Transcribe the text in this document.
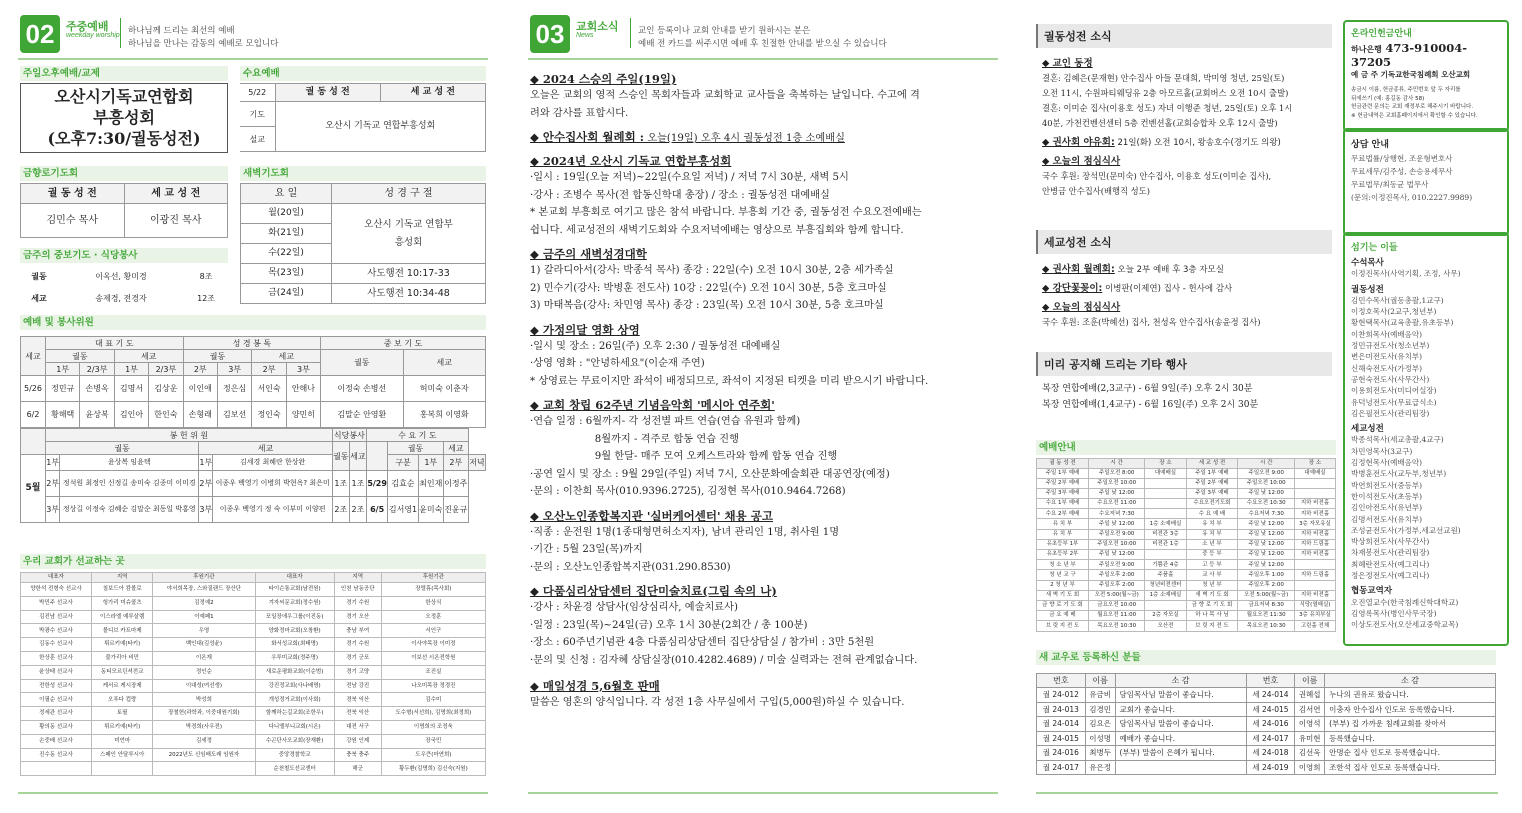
02	주중예배
weekday worship 하나님께 드리는 최선의 예배
하나님을 만나는 감동의 예배로 모입니다
주일오후예배/교제
오산시기독교연합회
부흥성회
(오후7:30/궐동성전)
수요예배
5/22	궐 동 성 전	세 교 성 전
기도	오산시 기독교 연합부흥성회	
설교		
금향로기도회
궐 동 성 전	세 교 성 전
김민수 목사	이광진 목사
금주의 중보기도 · 식당봉사
궐동	이옥선, 황미경	8조
세교	송제경, 전경자	12조
새벽기도회
요 일	성 경 구 절
월(20일)	오산시 기독교 연합부흥성회
화(21일)	
수(22일)	
목(23일)	사도행전 10:17-33
금(24일)	사도행전 10:34-48
예배 및 봉사위원
세교	대 표 기 도				성 경 봉 독				중 보 기 도	
	궐동		세교		궐동		세교		궐동	세교
	1부	2/3부	1부	2/3부	2부	3부	2부	3부		
5/26	정민규	손병옥	김명서	김상운	이인애	정은심	서인숙	안해나	이정숙 손병선	허미숙 이춘자
6/2	황해택	윤상복	김인아	한인숙	손형래	김보선	정인숙	양민히	김말순 안영환	홍복희 이영화
	봉 헌 위 원				식당봉사		수 요 기 도				
	궐동		세교		궐동	세교		궐동		세교	
5월	1부	윤상복 임윤택	1부	김세경 최혜란 한상완				구분	1부	2부	저녁
	2부	정석원 최정인 신정길 송미숙 김종미 이미경	2부	이종우 백영기 이병희 박현옥? 최은미	1조	1조	5/29	김효순	최인재	이정주	
	3부	정상길 이정숙 김혜순 김말순 최동일 박홍영	3부	이종우 백영기 정 숙 이부미 이양편	2조	2조	6/5	김서영1	윤미숙	진윤규	
우리 교회가 선교하는 곳
대표자	지역	후원기관	대표자	지역	후원기관
양한석 전형숙 선교사	칠보드아 캄볼로	야서희목장, 스와질랜드 장산단	타이슨통교회(남전원)	인천 남동공단	장렬휴(목사회)
박민주 선교사	헝가리 미슈콜츠	김정예2	겨자씨문교회(정수원)	경기 수원	한상식
김진남 선교사	이스라엘 예루살렘	이예페1	포일장애우그룹(이진동)	경기 오산	오정훈
박광수 선교사	몰디브 카트마제	우영	양화정마교회(오창환)	충남 부여	서인구
김동수 선교사	튀르키예(타키)	백인대(김성윤)	화서성교회(최태명)	경기 수원	이사야목장 이미정
한상훈 선교사	불가리아 비민	이온재	우루미교회(정주명)	경기 군포	이보선 시온전학원
윤상태 선교사	동티모르딘셔전교	정인순	새로운평화교회(이순범)	경기 고양	조진실
전한성 선교사	케서르 케시장제	이대성(여선생)	강진정교회(사나배명)	전남 강진	나오미목장 정경진
이필순 선교사	오푸다 컵랑	박성희	개성정거교회(이사회)	경북 익산	김수미
정세관 선교사	토필	장철헌(과학과, 이중대원기회)	함께하는길교회(조한우)	전북 익산	도수형(서선희), 김명희(최정희)
황의동 선교사	튀르키예(타키)	박경희(사우전)	다니엘부니교회(시온)	대전 서구	이명희의 조정욱
손중배 선교사	미언마	김세정	수곤단사오교회(장재환)	강원 인제	장국민
진수동 선교사	스페인 안달루시아	2022년도 신임배도래 임원자	중앙경찰학교	충북 충주	도우큰(마연희)
			순천철도선교센터	해군	황두환(김명희) 김신숙(지원)
03	교회소식
News	교인 등록이나 교회 안내를 받기 원하시는 분은
예배 전 카드를 써주시면 예배 후 친절한 안내를 받으실 수 있습니다
◆ 2024 스승의 주일(19일)
오늘은 교회의 영적 스승인 목회자들과 교회학교 교사들을 축복하는 날입니다. 수고에 격
려와 감사를 표합시다.
◆ 안수집사회 월례회 : 오늘(19일) 오후 4시 궐동성전 1층 소예배실
◆ 2024년 오산시 기독교 연합부흥성회
·일시 : 19일(오늘 저녁)~22일(수요일 저녁) / 저녁 7시 30분, 새벽 5시
·강사 : 조병수 목사(전 합동신학대 총장) / 장소 : 궐동성전 대예배실
* 본교회 부흥회로 여기고 많은 참석 바랍니다. 부흥회 기간 중, 궐동성전 수요오전예배는
쉽니다. 세교성전의 새벽기도회와 수요저녁예배는 영상으로 부흥집회와 함께 합니다.
◆ 금주의 새벽성경대학
1) 갈라디아서(강사: 박종석 목사) 종강 : 22일(수) 오전 10시 30분, 2층 세가족실
2) 민수기(강사: 박병훈 전도사) 10강 : 22일(수) 오전 10시 30분, 5층 호크마실
3) 마태복음(강사: 차민영 목사) 종강 : 23일(목) 오전 10시 30분, 5층 호크마실
◆ 가정의달 영화 상영
·일시 및 장소 : 26일(주) 오후 2:30 / 궐동성전 대예배실
·상영 영화 : "안녕하세요"(이순재 주연)
* 상영료는 무료이지만 좌석이 배정되므로, 좌석이 지정된 티켓을 미리 받으시기 바랍니다.
◆ 교회 창립 62주년 기념음악회 '메시아 연주회'
·연습 일정 : 6월까지- 각 성전별 파트 연습(연습 유원과 함께)
8월까지 - 격주로 합동 연습 진행
9월 한달- 매주 모여 오케스트라와 함께 합동 연습 진행
·공연 일시 및 장소 : 9월 29일(주일) 저녁 7시, 오산문화예술회관 대공연장(예정)
·문의 : 이찬희 목사(010.9396.2725), 김정현 목사(010.9464.7268)
◆ 오산노인종합복지관 '실버케어센터' 채용 공고
·직종 : 운전원 1명(1종대형면허소지자), 남녀 관리인 1명, 취사원 1명
·기간 : 5월 23일(목)까지
·문의 : 오산노인종합복지관(031.290.8530)
◆ 다품심리상담센터 집단미술치료(그림 속의 나)
·강사 : 차윤경 상담사(임상심리사, 예술치료사)
·일정 : 23일(목)~24일(금) 오후 1시 30분(2회간 / 총 100분)
·장소 : 60주년기념관 4층 다품심리상담센터 집단상담실 / 참가비 : 3만 5천원
·문의 및 신청 : 김자혜 상담실장(010.4282.4689) / 미술 실력과는 전혀 관계없습니다.
◆ 매일성경 5,6월호 판매
말씀은 영혼의 양식입니다. 각 성전 1층 사무실에서 구입(5,000원)하실 수 있습니다.
궐동성전 소식
◆ 교인 동정
결혼: 김혜은(문재현) 안수집사 아들 문대희, 박미영 청년, 25일(토)
오전 11시, 수원파티웨딩유 2층 아모르홀(교회버스 오전 10시 출발)
결혼: 이미순 집사(이용호 성도) 자녀 이행준 청년, 25일(토) 오후 1시
40분, 가천컨벤션센터 5층 컨벤션홀(교회승합차 오후 12시 출발)
◆ 권사회 야유회: 21일(화) 오전 10시, 왕송호수(경기도 의왕)
◆ 오늘의 점심식사
국수 후원: 장석민(문미숙) 안수집사, 이용호 성도(이미순 집사),
안병금 안수집사(배행직 성도)
세교성전 소식
◆ 권사회 월례회: 오늘 2부 예배 후 3층 자모실
◆ 강단꽃꽂이: 이병판(이제연) 집사 - 헌사에 감사
◆ 오늘의 점심식사
국수 후원: 조훈(박혜선) 집사, 천성옥 안수집사(송윤정 집사)
미리 공지해 드리는 기타 행사
복장 연합예배(2,3교구) - 6월 9일(주) 오후 2시 30분
복장 연합예배(1,4교구) - 6월 16일(주) 오후 2시 30분
예배안내
궐 동 성 전	시 간	장 소	세 교 성 전	시 간	장 소
주일 1부 예배	주일오전 8:00	대예배실	주일 1부 예배	주일오전 9:00	대예배실
주일 2부 예배	주일오전 10:00		주일 2부 예배	주일오전 10:00	
주일 3부 예배	주일 낮 12:00		주일 3부 예배	주일 낮 12:00	
수요 1부 예배	수요오전 11:00		수요오전기도회	수요오전 10:30	지하 비전홀
수요 2부 예배	수요저녁 7:30		수 요 예 배	수요저녁 7:30	지하 비전홀
유 치 부	주일 낮 12:00	1층 소예배실	유 치 부	주일 낮 12:00	3층 자모유실
유 치 부	주일오전 9:00	비전관 3층	유 치 부	주일 낮 12:00	지하 비전홀
유초등부 1부	주일오전 10:00	비전관 1층	소 년 부	주일 낮 12:00	지하 드림홀
유초등부 2부	주일 낮 12:00		중 등 부	주일 낮 12:00	지하 비전홀
청 소 년 부	주일오전 9:00	기쁨관 4층	고 등 부	주일 낮 12:00	
청 년 교 구	주일오후 2:00	주품홀	교 사 부	주일오후 1:00	지하 드림홀
2 청 년 부	주일오후 2:00	청년비전센터	청 년 부	주일오후 2:00	
새 벽 기 도 회	오전 5:00(월~금)	1층 소예배실	새 벽 기 도 회	오전 5:00(월~금)	지하 비전홀
금 향 로 기 도 회	금요오전 10:00		금 향 로 기 도 회	금요저녁 8:30	식당(열매실)
금 요 예 배	월요오전 11:00	2층 자모실	하 나 목 사 님	월요오전 11:30	3층 유치부실
브 릿 지 전 도	목요오전 10:30	오산전	브 릿 지 전 도	목요오전 10:30	고린홀 전체
새 교우로 등록하신 분들
번호	이름	소 감	번호	이름	소 감
궐 24-012	유금비	담임목사님 말씀이 좋습니다.	세 24-014	권혜섭	누나의 권유로 왔습니다.
궐 24-013	김경민	교회가 좋습니다.	세 24-015	김서연	이충자 안수집사 인도로 등록했습니다.
궐 24-014	김요은	담임목사님 말씀이 좋습니다.	세 24-016	이영석	(부부) 집 가까운 침례교회를 찾아서
궐 24-015	이성명	예배가 좋습니다.	세 24-017	유미현	등록했습니다.
궐 24-016	최병두	(부부) 말씀이 은혜가 됩니다.	세 24-018	김선욱	안명순 집사 인도로 등록했습니다.
궐 24-017	유은정		세 24-019	이영희	조한석 집사 인도로 등록했습니다.
온라인헌금안내
하나은행 473-910004-37205
예 금 주 기독교한국침례회 오산교회
송금시 이름, 헌금종류, 주민번호 앞 두 자리를
뒤에쓰기 (예: 홍길동 감사 58)
헌금관련 문의는 교회 재정부로 해주시기 바랍니다.
※ 헌금내역은 교회홈페이지에서 확인할 수 있습니다.
상담 안내
무료법률/상행현, 조운형변호사
무료세무/김주성, 손승용세무사
무료법무/최동균 법무사
(문의:이정진목사, 010.2227.9989)
섬기는 이들
수석목사
이정진목사(사역기획, 조정, 사무)
궐동성전
김민수목사(궐동총괄,1교구)
이정호목사(2교구,청년부)
황현택목사(교육총괄,유초등부)
이찬희목사(예배음악)
정민규전도사(청소년부)
변은미전도사(유치부)
신해숙전도사(가정부)
공현숙전도사(사무간사)
이용희전도사(미디어실장)
유덕녕전도사(무료급식소)
김은필전도사(관리팀장)
세교성전
박종석목사(세교총괄,4교구)
차민영목사(3교구)
김정현목사(예배음악)
박병훈전도사(교두부,청년부)
박연희전도사(중등부)
한이석전도사(초등부)
김인아전도사(유년부)
김명서전도사(유치부)
조성균전도사(가정부,세교선교원)
박상희전도사(사무간사)
차재봉전도사(관리팀장)
최혜란전도사(예그리나)
정은정전도사(예그리나)
협동교역자
오진열교수(한국침례신학대학교)
김영록목사(병인사무국장)
이상도전도사(오산세교중학교목)
